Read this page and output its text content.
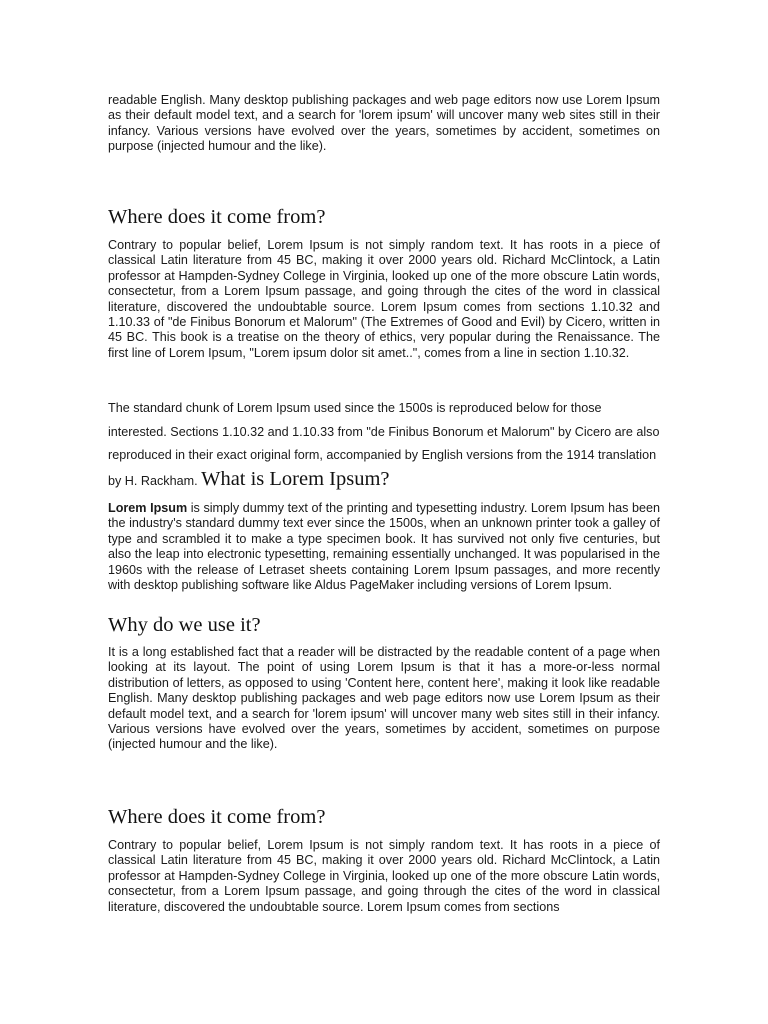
readable English. Many desktop publishing packages and web page editors now use Lorem Ipsum as their default model text, and a search for 'lorem ipsum' will uncover many web sites still in their infancy. Various versions have evolved over the years, sometimes by accident, sometimes on purpose (injected humour and the like).

Where does it come from?

Contrary to popular belief, Lorem Ipsum is not simply random text. It has roots in a piece of classical Latin literature from 45 BC, making it over 2000 years old. Richard McClintock, a Latin professor at Hampden-Sydney College in Virginia, looked up one of the more obscure Latin words, consectetur, from a Lorem Ipsum passage, and going through the cites of the word in classical literature, discovered the undoubtable source. Lorem Ipsum comes from sections 1.10.32 and 1.10.33 of "de Finibus Bonorum et Malorum" (The Extremes of Good and Evil) by Cicero, written in 45 BC. This book is a treatise on the theory of ethics, very popular during the Renaissance. The first line of Lorem Ipsum, "Lorem ipsum dolor sit amet..", comes from a line in section 1.10.32.

The standard chunk of Lorem Ipsum used since the 1500s is reproduced below for those interested. Sections 1.10.32 and 1.10.33 from "de Finibus Bonorum et Malorum" by Cicero are also reproduced in their exact original form, accompanied by English versions from the 1914 translation by H. Rackham. What is Lorem Ipsum?

Lorem Ipsum is simply dummy text of the printing and typesetting industry. Lorem Ipsum has been the industry's standard dummy text ever since the 1500s, when an unknown printer took a galley of type and scrambled it to make a type specimen book. It has survived not only five centuries, but also the leap into electronic typesetting, remaining essentially unchanged. It was popularised in the 1960s with the release of Letraset sheets containing Lorem Ipsum passages, and more recently with desktop publishing software like Aldus PageMaker including versions of Lorem Ipsum.

Why do we use it?

It is a long established fact that a reader will be distracted by the readable content of a page when looking at its layout. The point of using Lorem Ipsum is that it has a more-or-less normal distribution of letters, as opposed to using 'Content here, content here', making it look like readable English. Many desktop publishing packages and web page editors now use Lorem Ipsum as their default model text, and a search for 'lorem ipsum' will uncover many web sites still in their infancy. Various versions have evolved over the years, sometimes by accident, sometimes on purpose (injected humour and the like).

Where does it come from?

Contrary to popular belief, Lorem Ipsum is not simply random text. It has roots in a piece of classical Latin literature from 45 BC, making it over 2000 years old. Richard McClintock, a Latin professor at Hampden-Sydney College in Virginia, looked up one of the more obscure Latin words, consectetur, from a Lorem Ipsum passage, and going through the cites of the word in classical literature, discovered the undoubtable source. Lorem Ipsum comes from sections
